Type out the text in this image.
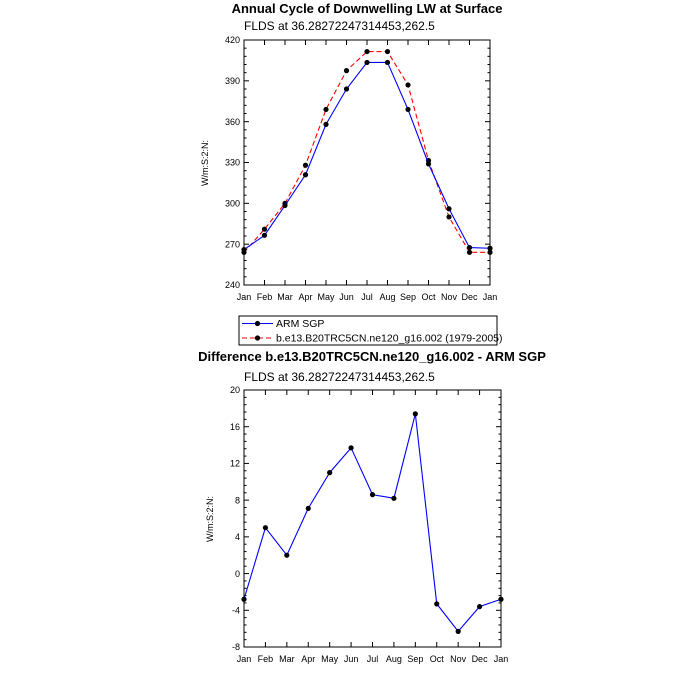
Annual Cycle of Downwelling LW at Surface
FLDS at 36.28272247314453,262.5
W/m:S:2:N:
240
270
300
330
360
390
420
Jan Feb Mar Apr May Jun Jul Aug Sep Oct Nov Dec Jan
ARM SGP
b.e13.B20TRC5CN.ne120_g16.002 (1979-2005)
Difference b.e13.B20TRC5CN.ne120_g16.002 - ARM SGP
FLDS at 36.28272247314453,262.5
W/m:S:2:N:
-8
-4
0
4
8
12
16
20
Jan Feb Mar Apr May Jun Jul Aug Sep Oct Nov Dec Jan
